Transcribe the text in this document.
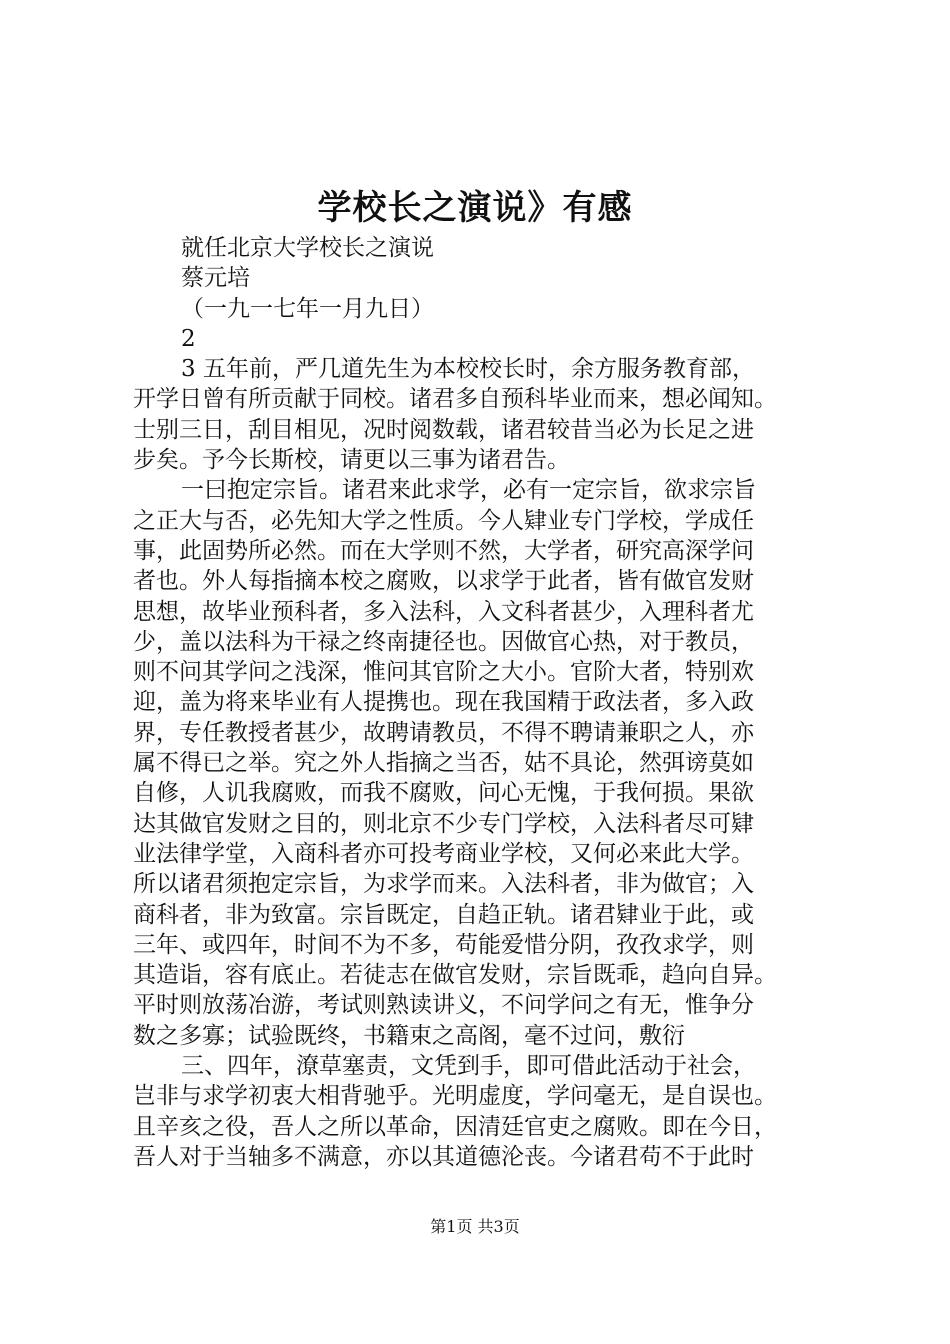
学校长之演说》有感
就任北京大学校长之演说
蔡元培
（一九一七年一月九日）
2
3 五年前，严几道先生为本校校长时，余方服务教育部，
开学日曾有所贡献于同校。诸君多自预科毕业而来，想必闻知。
士别三日，刮目相见，况时阅数载，诸君较昔当必为长足之进
步矣。予今长斯校，请更以三事为诸君告。
一曰抱定宗旨。诸君来此求学，必有一定宗旨，欲求宗旨
之正大与否，必先知大学之性质。今人肄业专门学校，学成任
事，此固势所必然。而在大学则不然，大学者，研究高深学问
者也。外人每指摘本校之腐败，以求学于此者，皆有做官发财
思想，故毕业预科者，多入法科，入文科者甚少，入理科者尤
少，盖以法科为干禄之终南捷径也。因做官心热，对于教员，
则不问其学问之浅深，惟问其官阶之大小。官阶大者，特别欢
迎，盖为将来毕业有人提携也。现在我国精于政法者，多入政
界，专任教授者甚少，故聘请教员，不得不聘请兼职之人，亦
属不得已之举。究之外人指摘之当否，姑不具论，然弭谤莫如
自修，人讥我腐败，而我不腐败，问心无愧，于我何损。果欲
达其做官发财之目的，则北京不少专门学校，入法科者尽可肄
业法律学堂，入商科者亦可投考商业学校，又何必来此大学。
所以诸君须抱定宗旨，为求学而来。入法科者，非为做官；入
商科者，非为致富。宗旨既定，自趋正轨。诸君肄业于此，或
三年、或四年，时间不为不多，苟能爱惜分阴，孜孜求学，则
其造诣，容有底止。若徒志在做官发财，宗旨既乖，趋向自异。
平时则放荡冶游，考试则熟读讲义，不问学问之有无，惟争分
数之多寡；试验既终，书籍束之高阁，毫不过问，敷衍
三、四年，潦草塞责，文凭到手，即可借此活动于社会，
岂非与求学初衷大相背驰乎。光明虚度，学问毫无，是自误也。
且辛亥之役，吾人之所以革命，因清廷官吏之腐败。即在今日，
吾人对于当轴多不满意，亦以其道德沦丧。今诸君苟不于此时
第1页 共3页
